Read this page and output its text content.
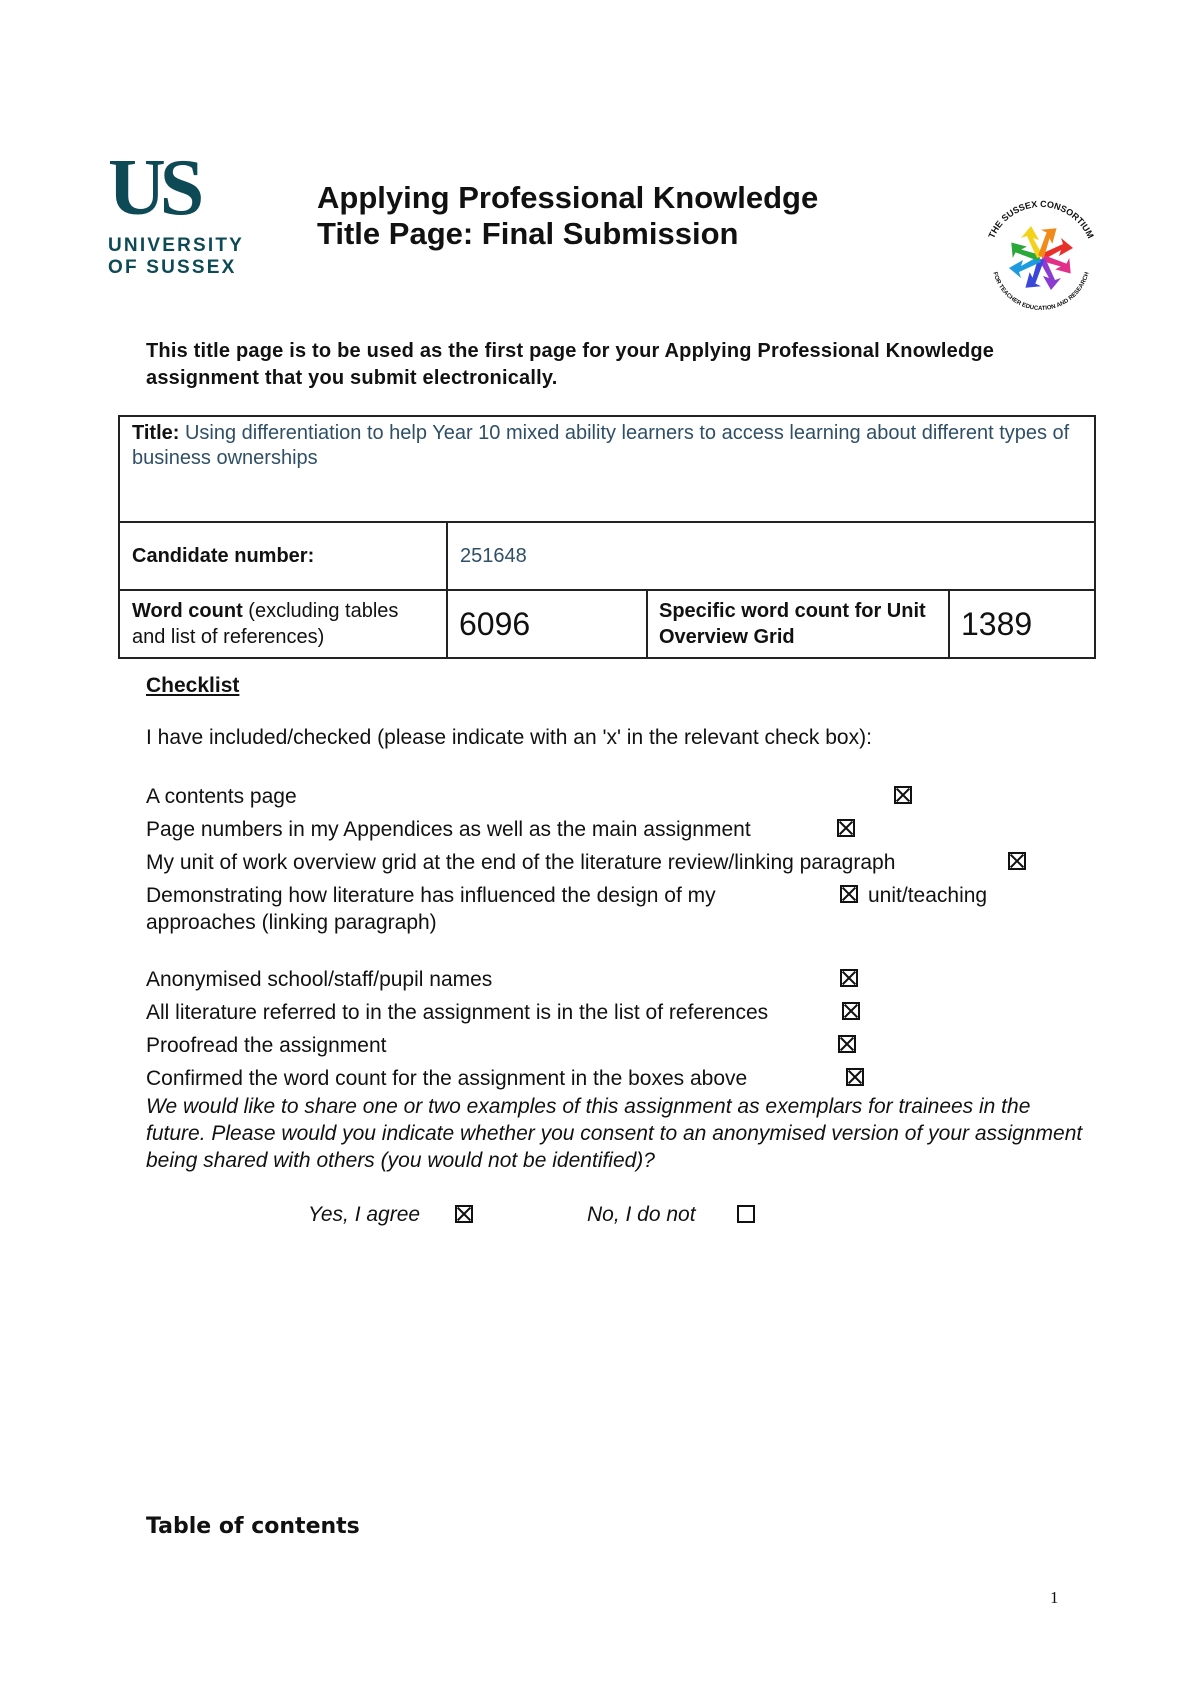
US
UNIVERSITY
OF SUSSEX
Applying Professional Knowledge
Title Page: Final Submission	THE SUSSEX CONSORTIUM
FOR TEACHER EDUCATION AND RESEARCH
This title page is to be used as the first page for your Applying Professional Knowledge assignment that you submit electronically.
Title: Using differentiation to help Year 10 mixed ability learners to access learning about different types of business ownerships			
Candidate number:	251648		
Word count (excluding tables and list of references)	6096	Specific word count for Unit Overview Grid	1389
Checklist
I have included/checked (please indicate with an 'x' in the relevant check box):
A contents page
Page numbers in my Appendices as well as the main assignment
My unit of work overview grid at the end of the literature review/linking paragraph
Demonstrating how literature has influenced the design of my	unit/teaching
approaches (linking paragraph)
Anonymised school/staff/pupil names
All literature referred to in the assignment is in the list of references
Proofread the assignment
Confirmed the word count for the assignment in the boxes above
We would like to share one or two examples of this assignment as exemplars for trainees in the future. Please would you indicate whether you consent to an anonymised version of your assignment being shared with others (you would not be identified)?
Yes, I agree	No, I do not
Table of contents
1
